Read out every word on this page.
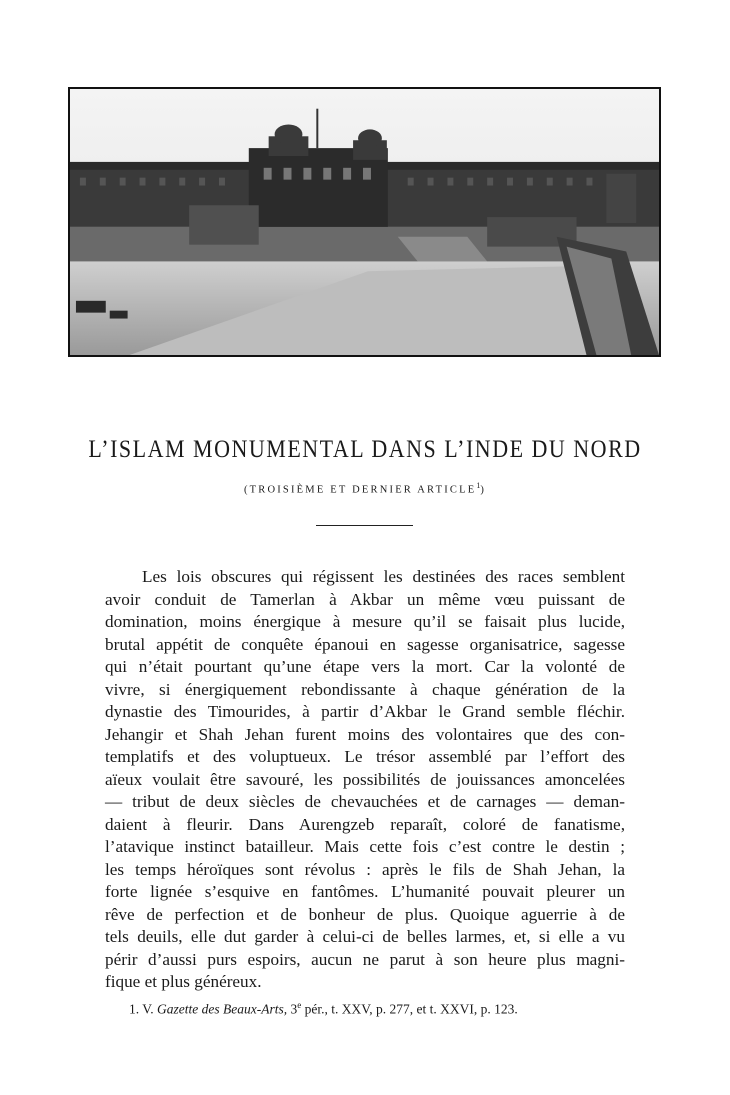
L’ISLAM MONUMENTAL DANS L’INDE DU NORD
(TROISIÈME ET DERNIER ARTICLE$^1$)
Les lois obscures qui régissent les destinées des races semblent
avoir conduit de Tamerlan à Akbar un même vœu puissant de
domination, moins énergique à mesure qu’il se faisait plus lucide,
brutal appétit de conquête épanoui en sagesse organisatrice, sagesse
qui n’était pourtant qu’une étape vers la mort. Car la volonté de
vivre, si énergiquement rebondissante à chaque génération de la
dynastie des Timourides, à partir d’Akbar le Grand semble fléchir.
Jehangir et Shah Jehan furent moins des volontaires que des con-
templatifs et des voluptueux. Le trésor assemblé par l’effort des
aïeux voulait être savouré, les possibilités de jouissances amoncelées
— tribut de deux siècles de chevauchées et de carnages — deman-
daient à fleurir. Dans Aurengzeb reparaît, coloré de fanatisme,
l’atavique instinct batailleur. Mais cette fois c’est contre le destin ;
les temps héroïques sont révolus : après le fils de Shah Jehan, la
forte lignée s’esquive en fantômes. L’humanité pouvait pleurer un
rêve de perfection et de bonheur de plus. Quoique aguerrie à de
tels deuils, elle dut garder à celui-ci de belles larmes, et, si elle a vu
périr d’aussi purs espoirs, aucun ne parut à son heure plus magni-
fique et plus généreux.
1. V. Gazette des Beaux-Arts, 3e pér., t. XXV, p. 277, et t. XXVI, p. 123.
